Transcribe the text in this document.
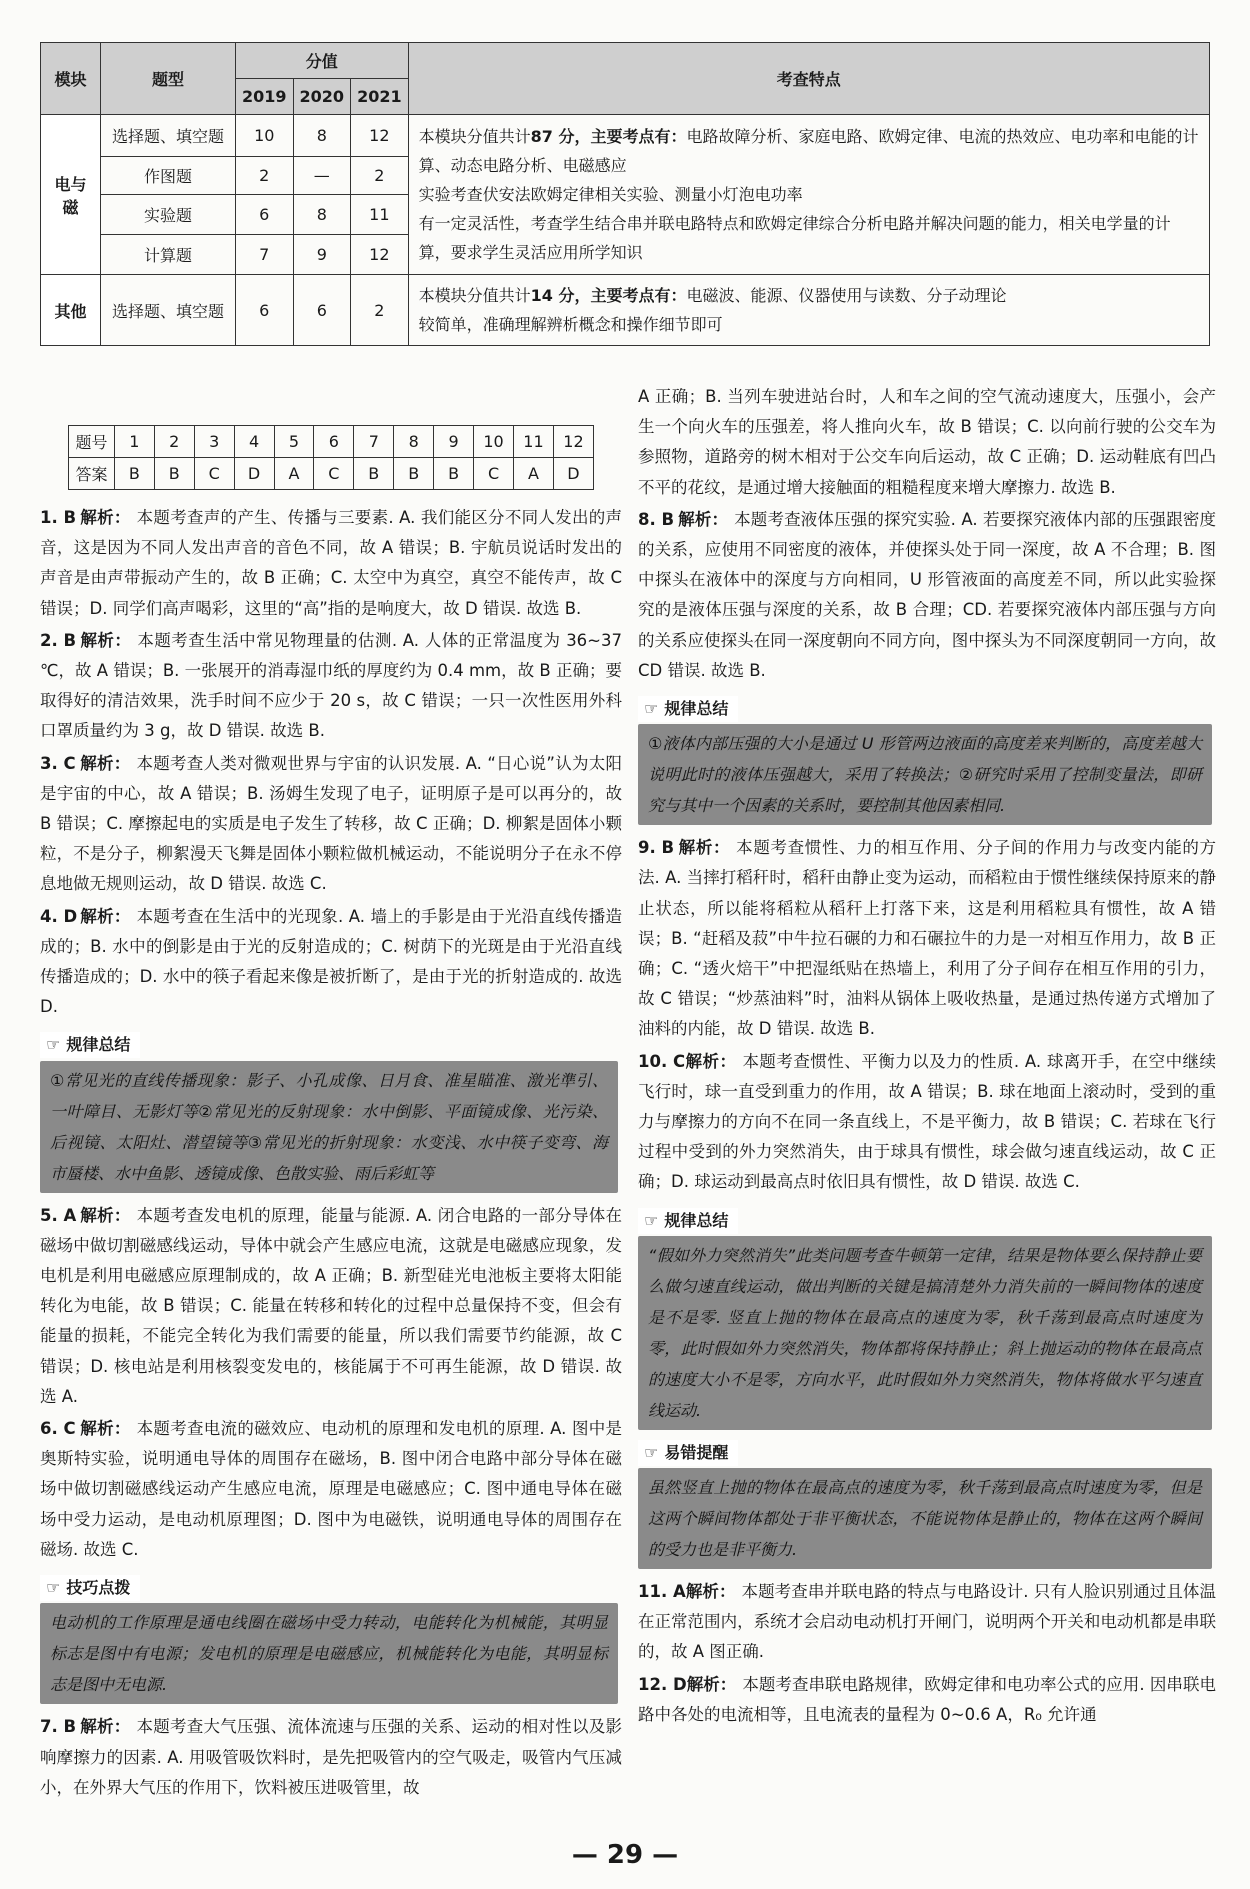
模块	题型	分值			考查特点
		2019	2020	2021	
电与磁	选择题、填空题	10	8	12	本模块分值共计87 分，主要考点有：电路故障分析、家庭电路、欧姆定律、电流的热效应、电功率和电能的计算、动态电路分析、电磁感应
实验考查伏安法欧姆定律相关实验、测量小灯泡电功率
有一定灵活性，考查学生结合串并联电路特点和欧姆定律综合分析电路并解决问题的能力，相关电学量的计算，要求学生灵活应用所学知识

	作图题	2	—	2	
	实验题	6	8	11	
	计算题	7	9	12	
其他	选择题、填空题	6	6	2	本模块分值共计14 分，主要考点有：电磁波、能源、仪器使用与读数、分子动理论
较简单，准确理解辨析概念和操作细节即可
题号	1	2	3	4	5	6	7	8	9	10	11	12
答案	B	B	C	D	A	C	B	B	B	C	A	D
1. B 解析： 本题考查声的产生、传播与三要素. A. 我们能区分不同人发出的声音，这是因为不同人发出声音的音色不同，故 A 错误；B. 宇航员说话时发出的声音是由声带振动产生的，故 B 正确；C. 太空中为真空，真空不能传声，故 C 错误；D. 同学们高声喝彩，这里的“高”指的是响度大，故 D 错误. 故选 B.
2. B 解析： 本题考查生活中常见物理量的估测. A. 人体的正常温度为 36~37 ℃，故 A 错误；B. 一张展开的消毒湿巾纸的厚度约为 0.4 mm，故 B 正确；要取得好的清洁效果，洗手时间不应少于 20 s，故 C 错误；一只一次性医用外科口罩质量约为 3 g，故 D 错误. 故选 B.
3. C 解析： 本题考查人类对微观世界与宇宙的认识发展. A. “日心说”认为太阳是宇宙的中心，故 A 错误；B. 汤姆生发现了电子，证明原子是可以再分的，故 B 错误；C. 摩擦起电的实质是电子发生了转移，故 C 正确；D. 柳絮是固体小颗粒，不是分子，柳絮漫天飞舞是固体小颗粒做机械运动，不能说明分子在永不停息地做无规则运动，故 D 错误. 故选 C.
4. D 解析： 本题考查在生活中的光现象. A. 墙上的手影是由于光沿直线传播造成的；B. 水中的倒影是由于光的反射造成的；C. 树荫下的光斑是由于光沿直线传播造成的；D. 水中的筷子看起来像是被折断了，是由于光的折射造成的. 故选 D.
☞ 规律总结
①常见光的直线传播现象：影子、小孔成像、日月食、准星瞄准、激光準引、一叶障目、无影灯等②常见光的反射现象：水中倒影、平面镜成像、光污染、后视镜、太阳灶、潜望镜等③常见光的折射现象：水变浅、水中筷子变弯、海市蜃楼、水中鱼影、透镜成像、色散实验、雨后彩虹等
5. A 解析： 本题考查发电机的原理，能量与能源. A. 闭合电路的一部分导体在磁场中做切割磁感线运动，导体中就会产生感应电流，这就是电磁感应现象，发电机是利用电磁感应原理制成的，故 A 正确；B. 新型硅光电池板主要将太阳能转化为电能，故 B 错误；C. 能量在转移和转化的过程中总量保持不变，但会有能量的损耗，不能完全转化为我们需要的能量，所以我们需要节约能源，故 C 错误；D. 核电站是利用核裂变发电的，核能属于不可再生能源，故 D 错误. 故选 A.
6. C 解析： 本题考查电流的磁效应、电动机的原理和发电机的原理. A. 图中是奥斯特实验，说明通电导体的周围存在磁场，B. 图中闭合电路中部分导体在磁场中做切割磁感线运动产生感应电流，原理是电磁感应；C. 图中通电导体在磁场中受力运动，是电动机原理图；D. 图中为电磁铁，说明通电导体的周围存在磁场. 故选 C.
☞ 技巧点拨
电动机的工作原理是通电线圈在磁场中受力转动，电能转化为机械能，其明显标志是图中有电源；发电机的原理是电磁感应，机械能转化为电能，其明显标志是图中无电源.
7. B 解析： 本题考查大气压强、流体流速与压强的关系、运动的相对性以及影响摩擦力的因素. A. 用吸管吸饮料时，是先把吸管内的空气吸走，吸管内气压减小，在外界大气压的作用下，饮料被压进吸管里，故
A 正确；B. 当列车驶进站台时，人和车之间的空气流动速度大，压强小，会产生一个向火车的压强差，将人推向火车，故 B 错误；C. 以向前行驶的公交车为参照物，道路旁的树木相对于公交车向后运动，故 C 正确；D. 运动鞋底有凹凸不平的花纹，是通过增大接触面的粗糙程度来增大摩擦力. 故选 B.
8. B 解析： 本题考查液体压强的探究实验. A. 若要探究液体内部的压强跟密度的关系，应使用不同密度的液体，并使探头处于同一深度，故 A 不合理；B. 图中探头在液体中的深度与方向相同，U 形管液面的高度差不同，所以此实验探究的是液体压强与深度的关系，故 B 合理；CD. 若要探究液体内部压强与方向的关系应使探头在同一深度朝向不同方向，图中探头为不同深度朝同一方向，故 CD 错误. 故选 B.
☞ 规律总结
①液体内部压强的大小是通过 U 形管两边液面的高度差来判断的，高度差越大说明此时的液体压强越大，采用了转换法；②研究时采用了控制变量法，即研究与其中一个因素的关系时，要控制其他因素相同.
9. B 解析： 本题考查惯性、力的相互作用、分子间的作用力与改变内能的方法. A. 当摔打稻秆时，稻秆由静止变为运动，而稻粒由于惯性继续保持原来的静止状态，所以能将稻粒从稻秆上打落下来，这是利用稻粒具有惯性，故 A 错误；B. “赶稻及菽”中牛拉石碾的力和石碾拉牛的力是一对相互作用力，故 B 正确；C. “透火焙干”中把湿纸贴在热墙上，利用了分子间存在相互作用的引力，故 C 错误；“炒蒸油料”时，油料从锅体上吸收热量，是通过热传递方式增加了油料的内能，故 D 错误. 故选 B.
10. C解析： 本题考查惯性、平衡力以及力的性质. A. 球离开手，在空中继续飞行时，球一直受到重力的作用，故 A 错误；B. 球在地面上滚动时，受到的重力与摩擦力的方向不在同一条直线上，不是平衡力，故 B 错误；C. 若球在飞行过程中受到的外力突然消失，由于球具有惯性，球会做匀速直线运动，故 C 正确；D. 球运动到最高点时依旧具有惯性，故 D 错误. 故选 C.
☞ 规律总结
“假如外力突然消失”此类问题考查牛顿第一定律，结果是物体要么保持静止要么做匀速直线运动，做出判断的关键是搞清楚外力消失前的一瞬间物体的速度是不是零. 竖直上抛的物体在最高点的速度为零，秋千荡到最高点时速度为零，此时假如外力突然消失，物体都将保持静止；斜上抛运动的物体在最高点的速度大小不是零，方向水平，此时假如外力突然消失，物体将做水平匀速直线运动.
☞ 易错提醒
虽然竖直上抛的物体在最高点的速度为零，秋千荡到最高点时速度为零，但是这两个瞬间物体都处于非平衡状态，不能说物体是静止的，物体在这两个瞬间的受力也是非平衡力.
11. A解析： 本题考查串并联电路的特点与电路设计. 只有人脸识别通过且体温在正常范围内，系统才会启动电动机打开闸门，说明两个开关和电动机都是串联的，故 A 图正确.
12. D解析： 本题考查串联电路规律，欧姆定律和电功率公式的应用. 因串联电路中各处的电流相等，且电流表的量程为 0~0.6 A，R₀ 允许通
— 29 —
